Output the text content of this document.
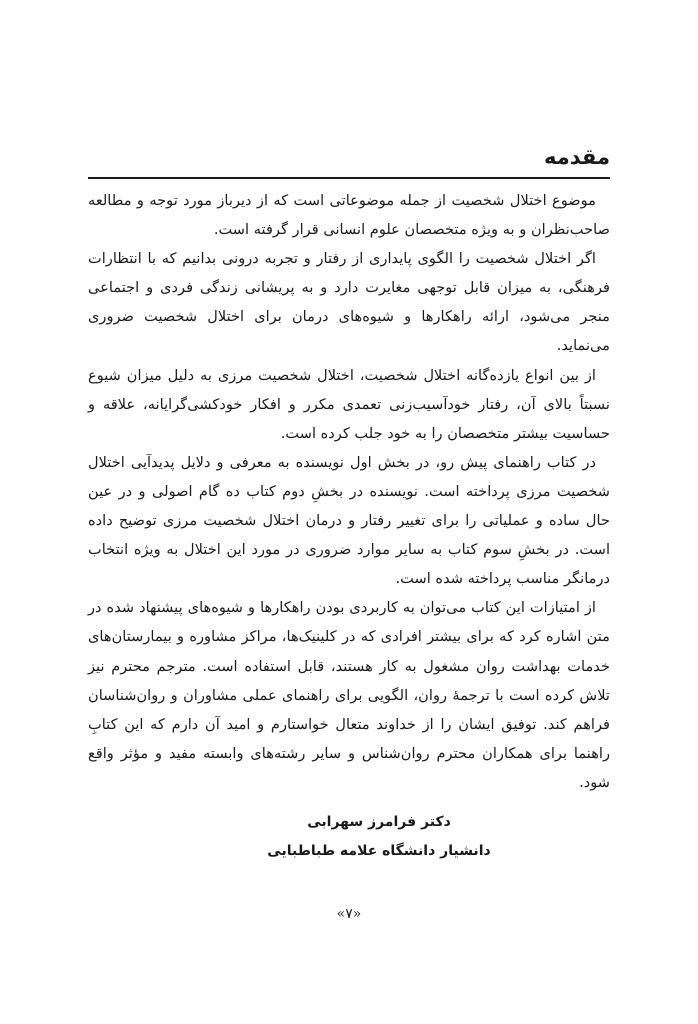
مقدمه

موضوع اختلال شخصیت از جمله موضوعاتی است که از دیرباز مورد توجه و مطالعه صاحب‌نظران و به ویژه متخصصان علوم انسانی قرار گرفته است.

اگر اختلال شخصیت را الگوی پایداری از رفتار و تجربه درونی بدانیم که با انتظارات فرهنگی، به میزان قابل توجهی مغایرت دارد و به پریشانی زندگی فردی و اجتماعی منجر می‌شود، ارائه راهکارها و شیوه‌های درمان برای اختلال شخصیت ضروری می‌نماید.

از بین انواع یازده‌گانه اختلال شخصیت، اختلال شخصیت مرزی به دلیل میزان شیوع نسبتاً بالای آن، رفتار خودآسیب‌زنی تعمدی مکرر و افکار خودکشی‌گرایانه، علاقه و حساسیت بیشتر متخصصان را به خود جلب کرده است.

در کتاب راهنمای پیش رو، در بخش اول نویسنده به معرفی و دلایل پدیدآیی اختلال شخصیت مرزی پرداخته است. نویسنده در بخشِ دوم کتاب ده گام اصولی و در عین حال ساده و عملیاتی را برای تغییر رفتار و درمان اختلال شخصیت مرزی توضیح داده است. در بخشِ سوم کتاب به سایر موارد ضروری در مورد این اختلال به ویژه انتخاب درمانگر مناسب پرداخته شده است.

از امتیازات این کتاب می‌توان به کاربردی بودن راهکارها و شیوه‌های پیشنهاد شده در متن اشاره کرد که برای بیشتر افرادی که در کلینیک‌ها، مراکز مشاوره و بیمارستان‌های خدمات بهداشت روان مشغول به کار هستند، قابل استفاده است. مترجم محترم نیز تلاش کرده است با ترجمهٔ روان، الگویی برای راهنمای عملی مشاوران و روان‌شناسان فراهم کند. توفیق ایشان را از خداوند متعال خواستارم و امید آن دارم که این کتابِ راهنما برای همکاران محترم روان‌شناس و سایر رشته‌های وابسته مفید و مؤثر واقع شود.

دکتر فرامرز سهرابی
دانشیار دانشگاه علامه طباطبایی
«۷»
